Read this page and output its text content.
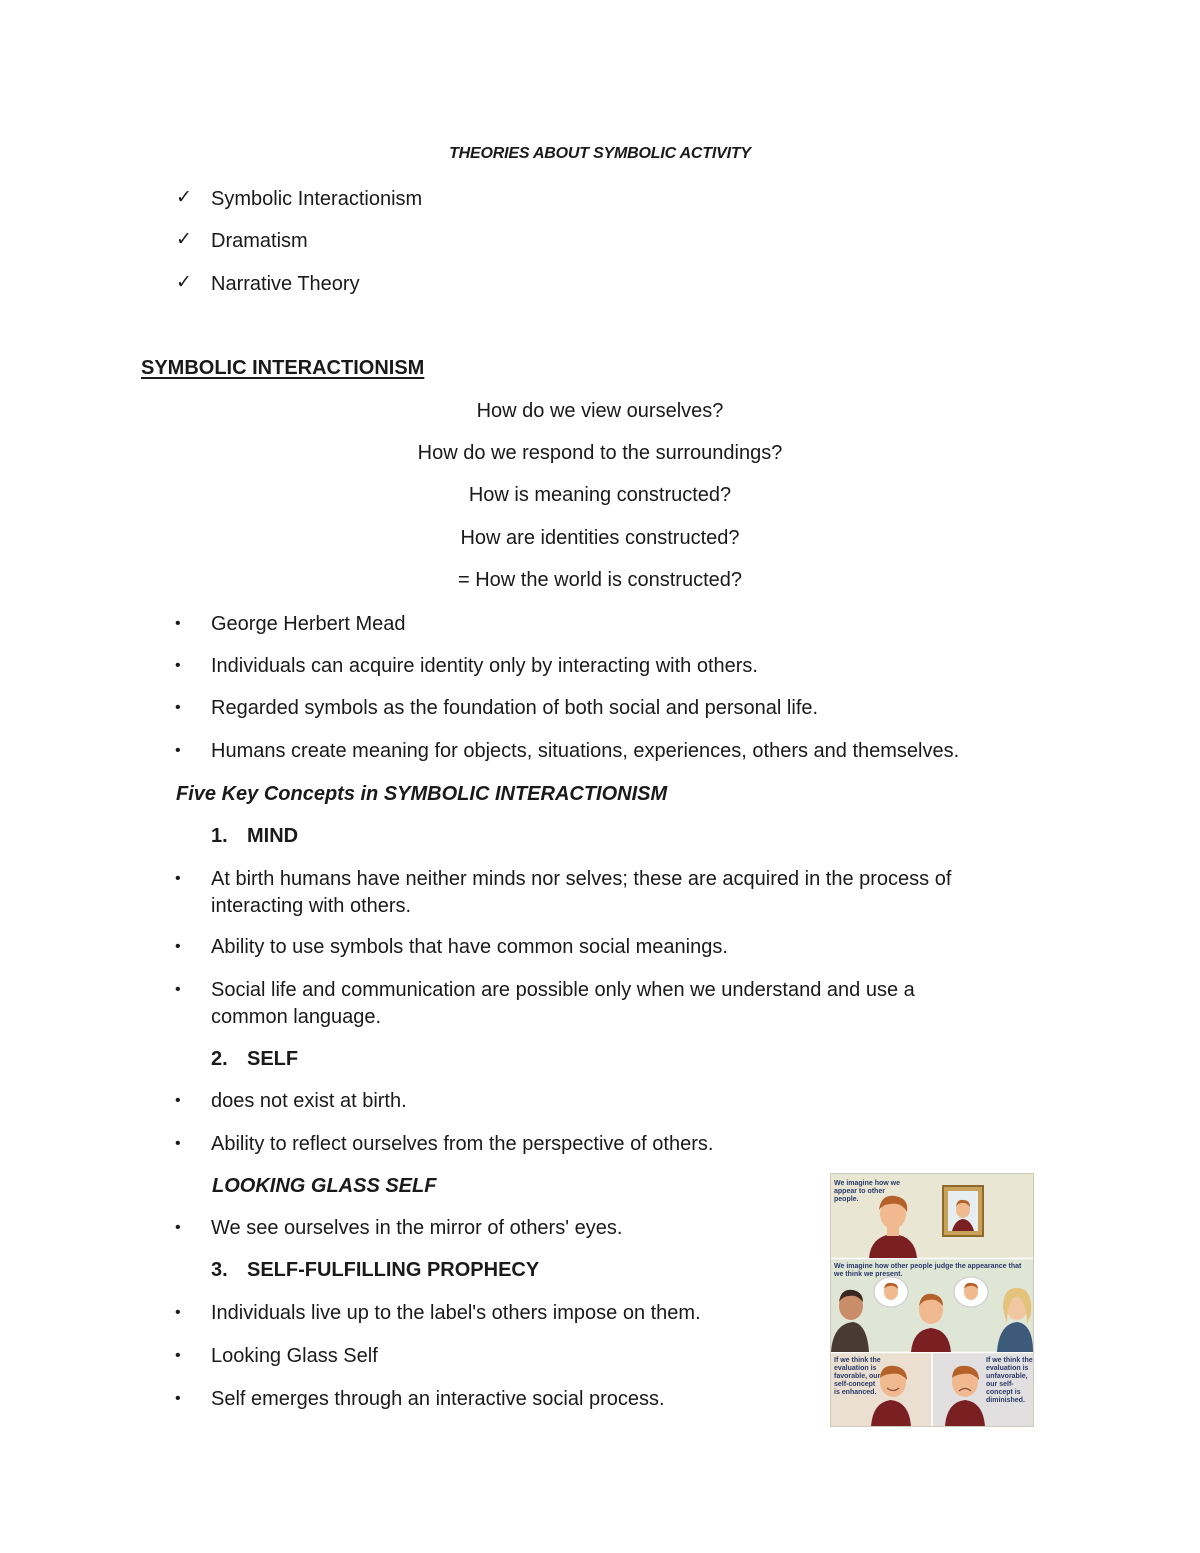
THEORIES ABOUT SYMBOLIC ACTIVITY
✓ Symbolic Interactionism
✓ Dramatism
✓ Narrative Theory
SYMBOLIC INTERACTIONISM
How do we view ourselves?
How do we respond to the surroundings?
How is meaning constructed?
How are identities constructed?
= How the world is constructed?
• George Herbert Mead
• Individuals can acquire identity only by interacting with others.
• Regarded symbols as the foundation of both social and personal life.
• Humans create meaning for objects, situations, experiences, others and themselves.
Five Key Concepts in SYMBOLIC INTERACTIONISM
1. MIND
• At birth humans have neither minds nor selves; these are acquired in the process of interacting with others.
• Ability to use symbols that have common social meanings.
• Social life and communication are possible only when we understand and use a common language.
2. SELF
• does not exist at birth.
• Ability to reflect ourselves from the perspective of others.
LOOKING GLASS SELF
• We see ourselves in the mirror of others' eyes.
3. SELF-FULFILLING PROPHECY
• Individuals live up to the label's others impose on them.
• Looking Glass Self
• Self emerges through an interactive social process.
We imagine how we
appear to other
people.
We imagine how other people judge the appearance that
we think we present.
If we think the
evaluation is
favorable, our
self-concept
is enhanced.
If we think the
evaluation is
unfavorable,
our self-
concept is
diminished.
